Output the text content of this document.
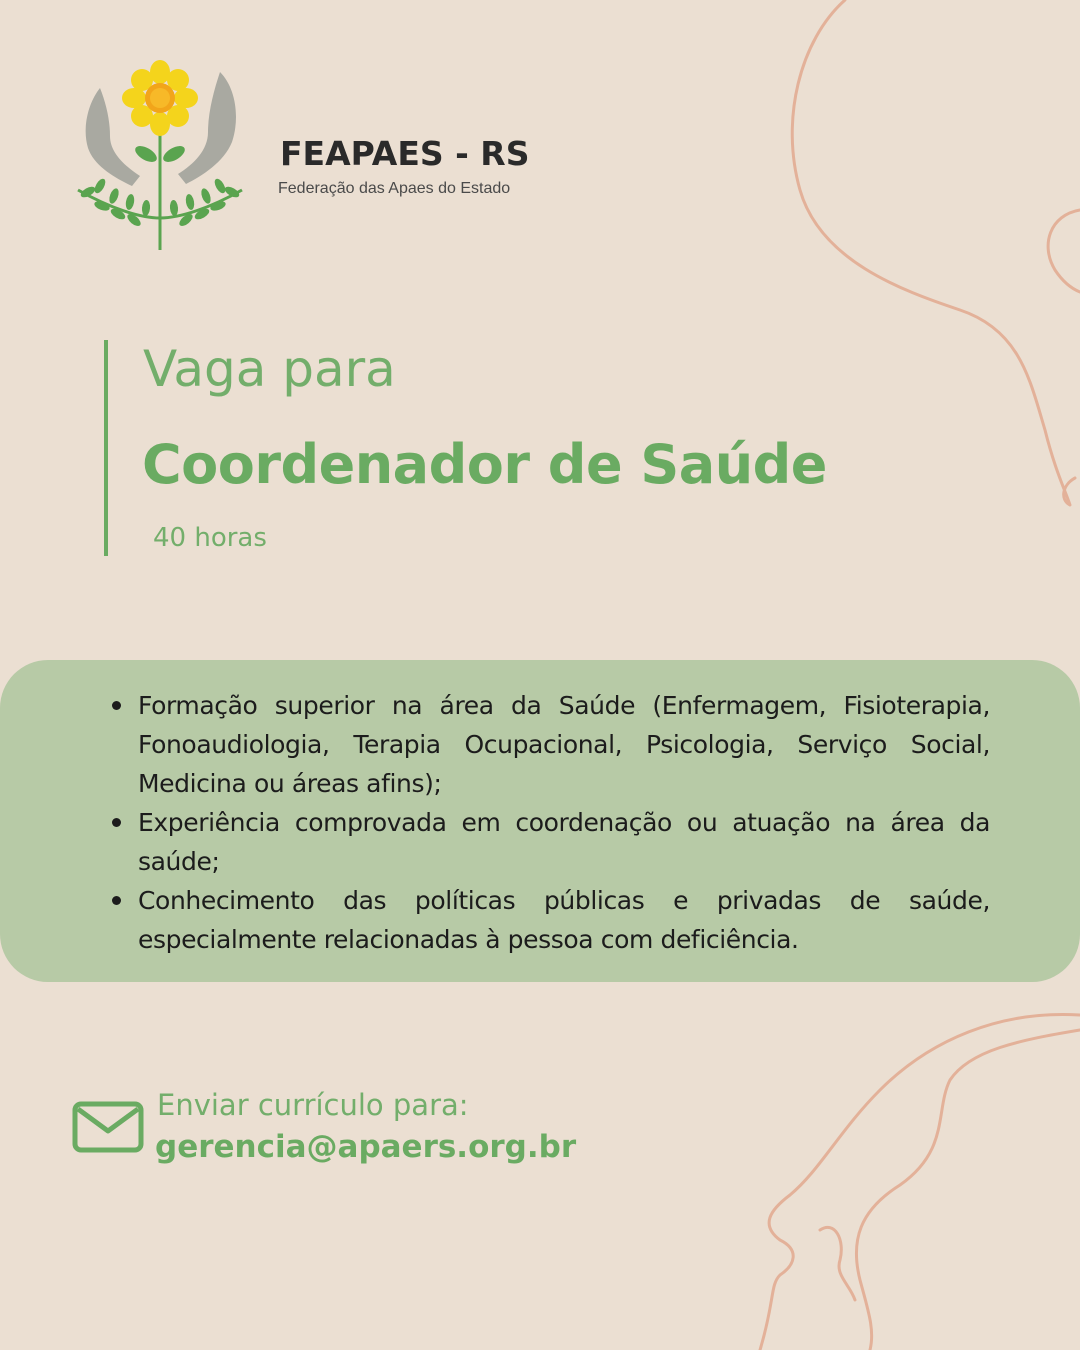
FEAPAES - RS
Federação das Apaes do Estado
Vaga para
Coordenador de Saúde
40 horas
Formação superior na área da Saúde (Enfermagem, Fisioterapia, Fonoaudiologia, Terapia Ocupacional, Psicologia, Serviço Social, Medicina ou áreas afins);
Experiência comprovada em coordenação ou atuação na área da saúde;
Conhecimento das políticas públicas e privadas de saúde, especialmente relacionadas à pessoa com deficiência.
Enviar currículo para:
gerencia@apaers.org.br
